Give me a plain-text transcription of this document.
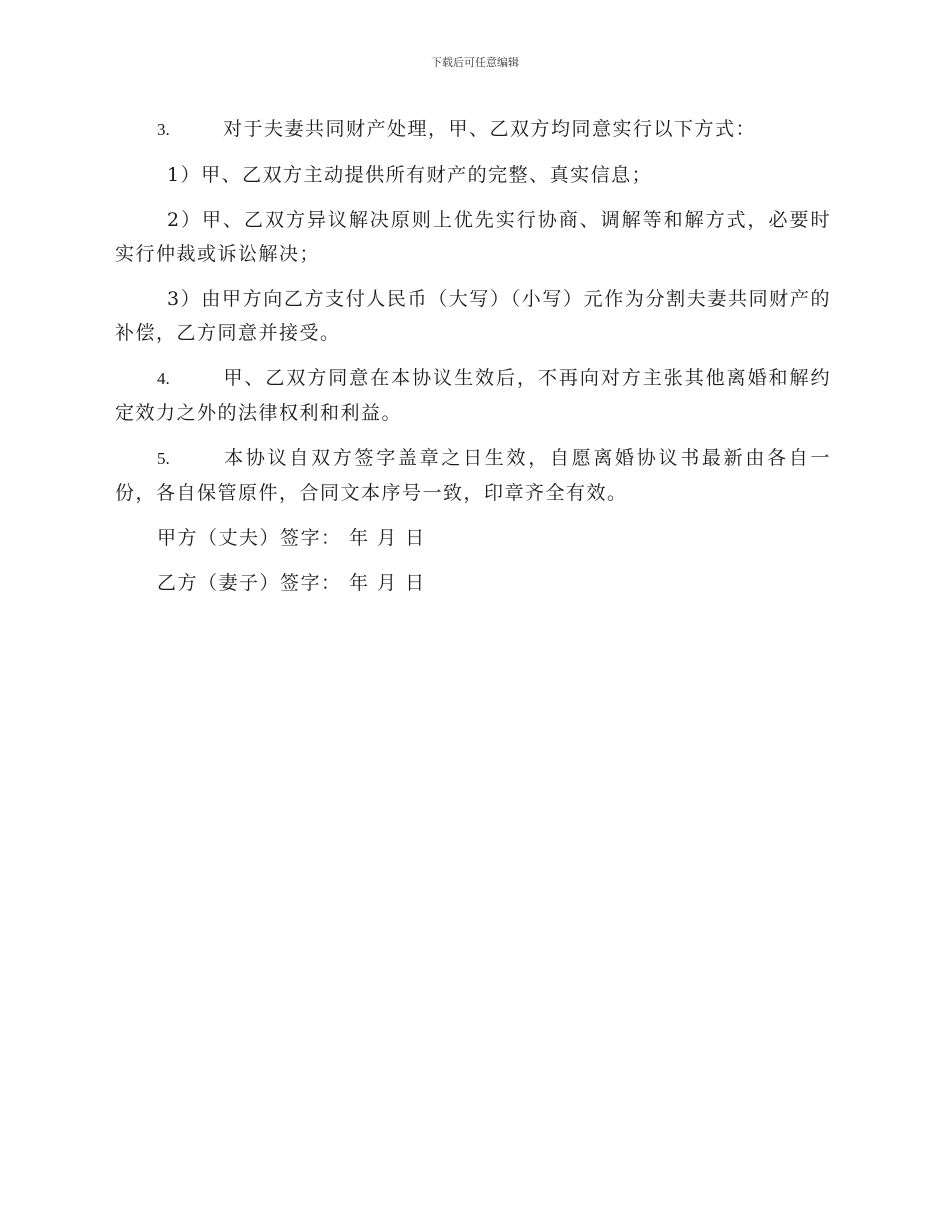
下载后可任意编辑

3.	对于夫妻共同财产处理，甲、乙双方均同意实行以下方式：

1）甲、乙双方主动提供所有财产的完整、真实信息；

2）甲、乙双方异议解决原则上优先实行协商、调解等和解方式，必要时实行仲裁或诉讼解决；

3）由甲方向乙方支付人民币（大写）（小写）元作为分割夫妻共同财产的补偿，乙方同意并接受。

4.	甲、乙双方同意在本协议生效后，不再向对方主张其他离婚和解约定效力之外的法律权利和利益。

5.	本协议自双方签字盖章之日生效，自愿离婚协议书最新由各自一份，各自保管原件，合同文本序号一致，印章齐全有效。

甲方（丈夫）签字： 年 月 日

乙方（妻子）签字： 年 月 日
